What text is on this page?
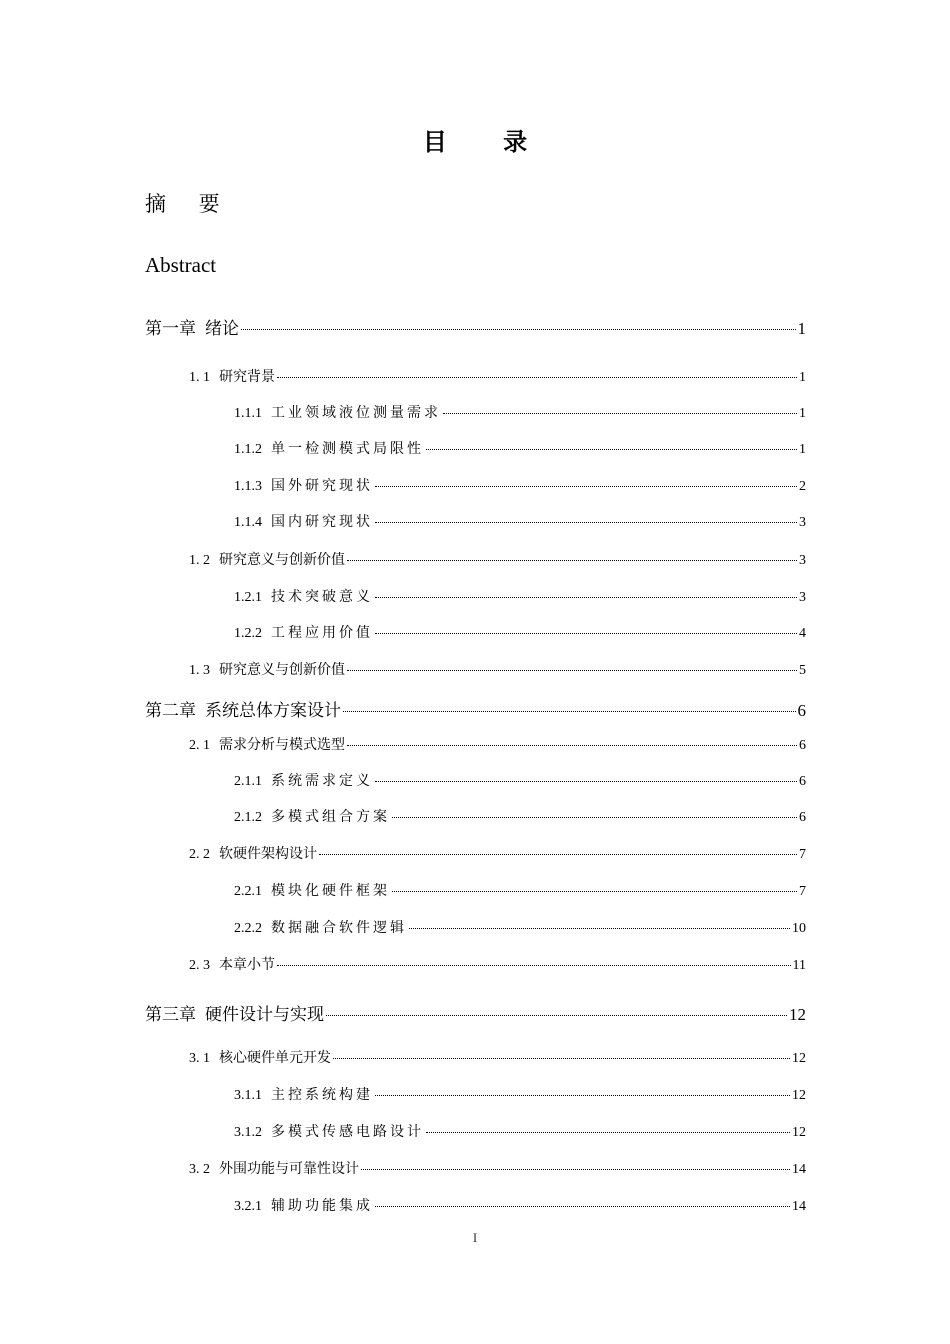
目 录
摘 要
Abstract
第一章 绪论	1
1. 1 研究背景	1
1.1.1 工业领域液位测量需求	1
1.1.2 单一检测模式局限性	1
1.1.3 国外研究现状	2
1.1.4 国内研究现状	3
1. 2 研究意义与创新价值	3
1.2.1 技术突破意义	3
1.2.2 工程应用价值	4
1. 3 研究意义与创新价值	5
第二章 系统总体方案设计	6
2. 1 需求分析与模式选型	6
2.1.1 系统需求定义	6
2.1.2 多模式组合方案	6
2. 2 软硬件架构设计	7
2.2.1 模块化硬件框架	7
2.2.2 数据融合软件逻辑	10
2. 3 本章小节	11
第三章 硬件设计与实现	12
3. 1 核心硬件单元开发	12
3.1.1 主控系统构建	12
3.1.2 多模式传感电路设计	12
3. 2 外围功能与可靠性设计	14
3.2.1 辅助功能集成	14
I
